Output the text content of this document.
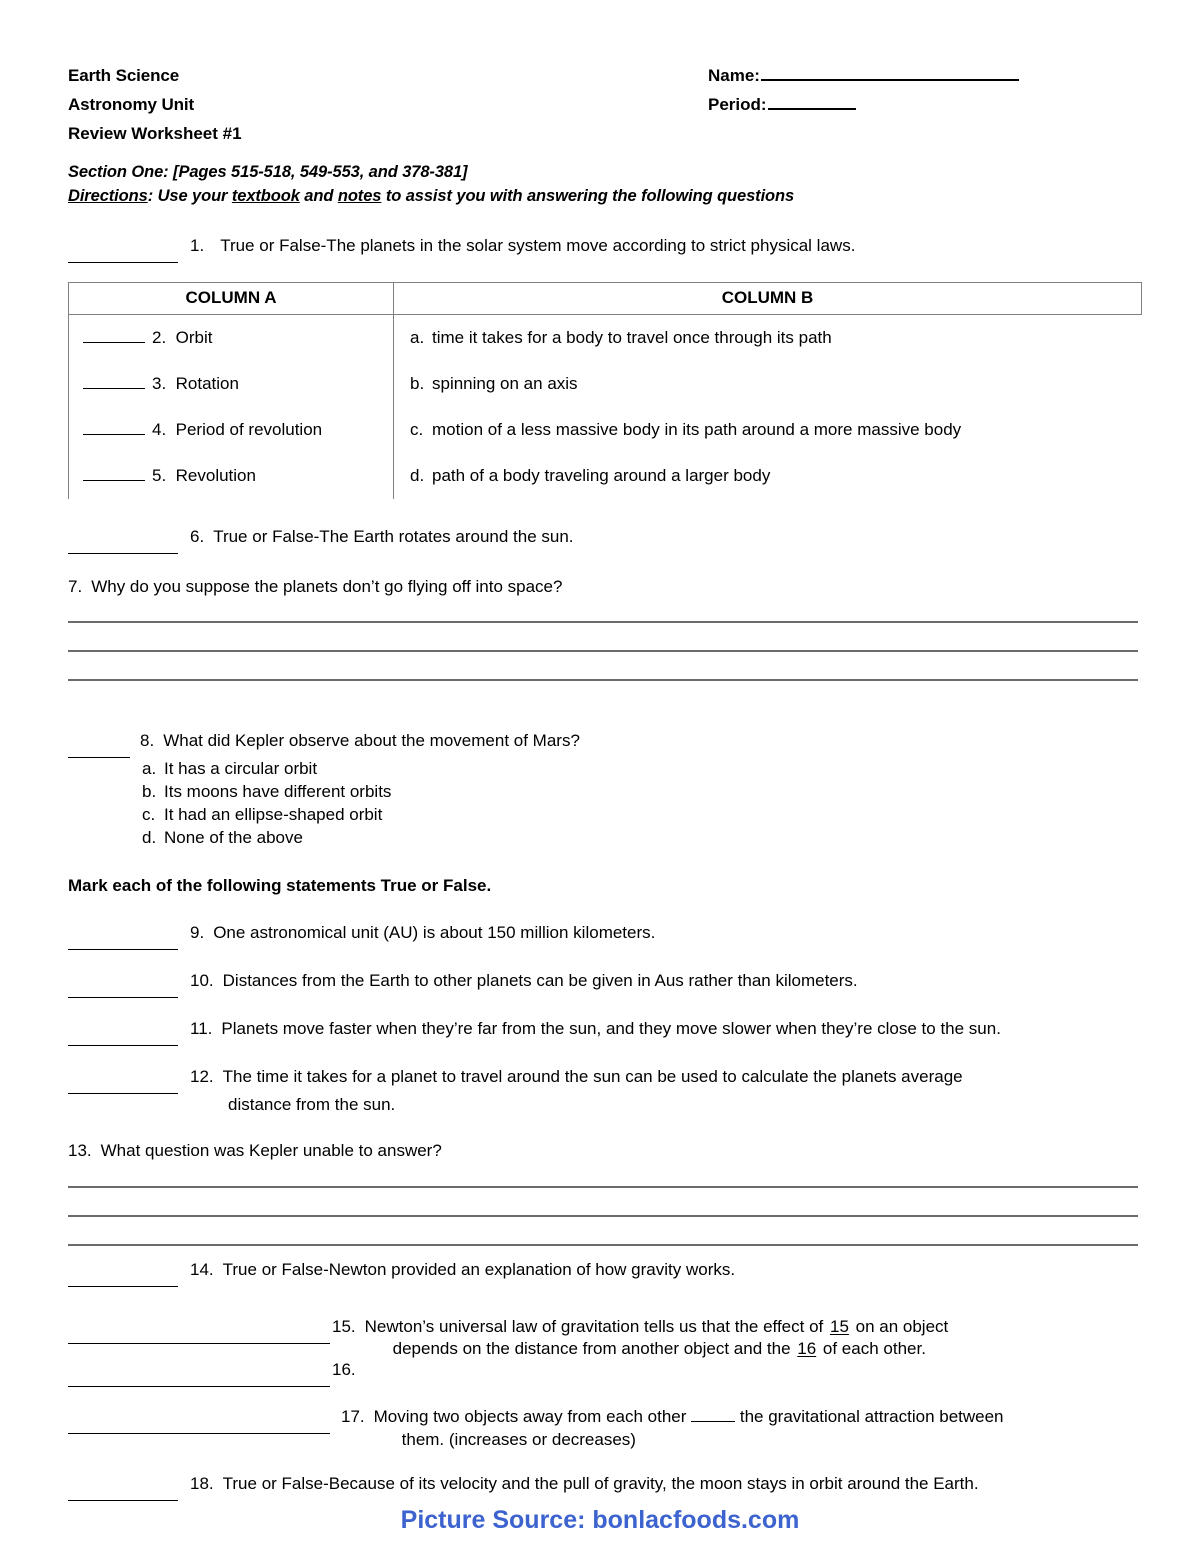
Earth Science	Name:
Astronomy Unit	Period:
Review Worksheet #1
Section One: [Pages 515-518, 549-553, and 378-381]
Directions: Use your textbook and notes to assist you with answering the following questions
1. True or False-The planets in the solar system move according to strict physical laws.
COLUMN A	COLUMN B

2. Orbit	a. time it takes for a body to travel once through its path

3. Rotation	b. spinning on an axis

4. Period of revolution	c. motion of a less massive body in its path around a more massive body

5. Revolution	d. path of a body traveling around a larger body
6. True or False-The Earth rotates around the sun.
7. Why do you suppose the planets don’t go flying off into space?
8. What did Kepler observe about the movement of Mars?
a. It has a circular orbit
b. Its moons have different orbits
c. It had an ellipse-shaped orbit
d. None of the above
Mark each of the following statements True or False.
9. One astronomical unit (AU) is about 150 million kilometers.
10. Distances from the Earth to other planets can be given in Aus rather than kilometers.
11. Planets move faster when they’re far from the sun, and they move slower when they’re close to the sun.
12. The time it takes for a planet to travel around the sun can be used to calculate the planets average
distance from the sun.
13. What question was Kepler unable to answer?
14. True or False-Newton provided an explanation of how gravity works.
15. Newton’s universal law of gravitation tells us that the effect of 15 on an object
depends on the distance from another object and the 16 of each other.
16.
17. Moving two objects away from each other	the gravitational attraction between
them. (increases or decreases)
18. True or False-Because of its velocity and the pull of gravity, the moon stays in orbit around the Earth.
Picture Source: bonlacfoods.com
